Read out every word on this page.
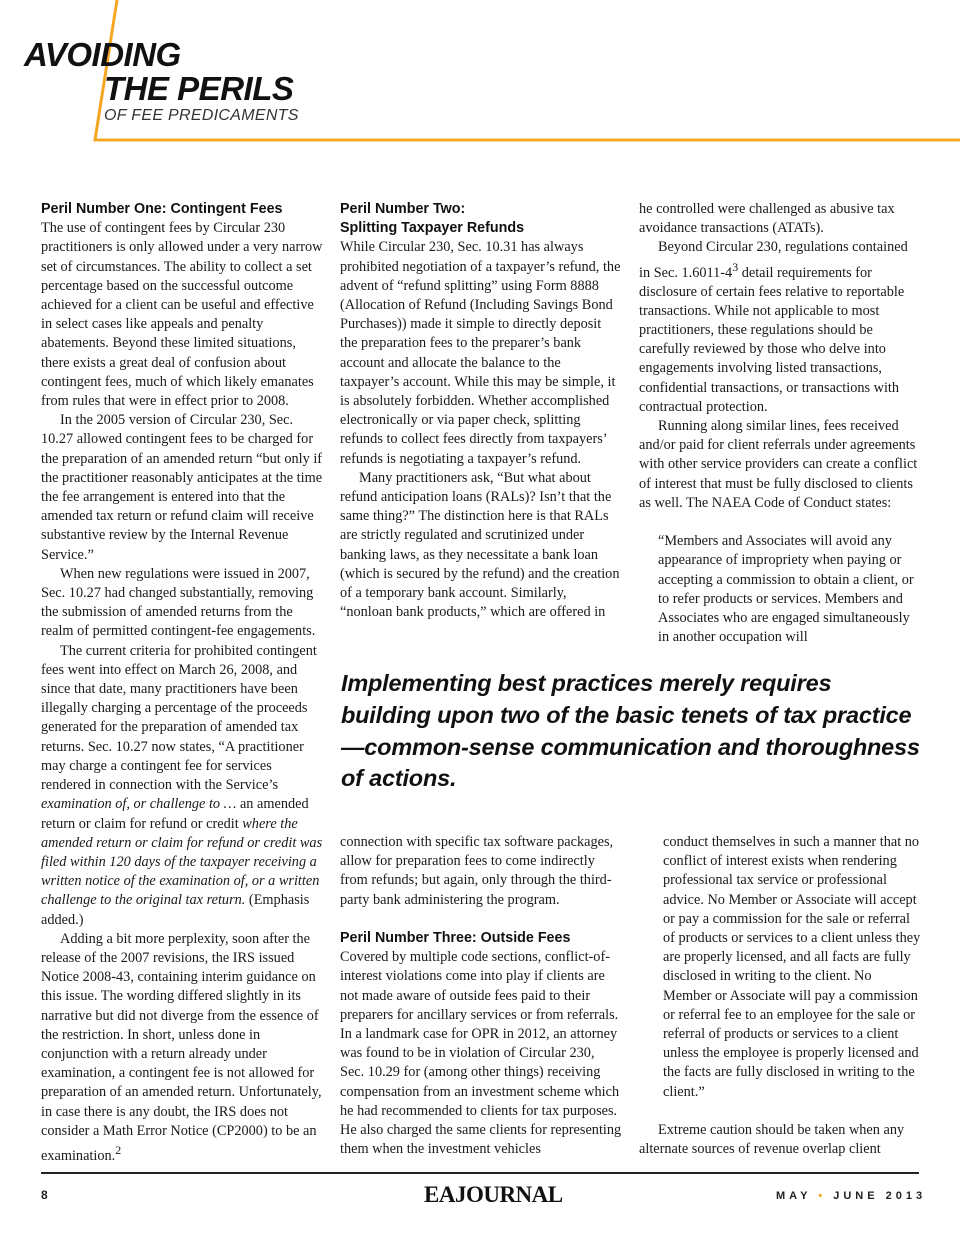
AVOIDING
THE PERILS

OF FEE PREDICAMENTS

Peril Number One: Contingent Fees

The use of contingent fees by Circular 230 practitioners is only allowed under a very narrow set of circumstances. The ability to collect a set percentage based on the successful outcome achieved for a client can be useful and effective in select cases like appeals and penalty abatements. Beyond these limited situations, there exists a great deal of confusion about contingent fees, much of which likely emanates from rules that were in effect prior to 2008.

In the 2005 version of Circular 230, Sec. 10.27 allowed contingent fees to be charged for the preparation of an amended return “but only if the practitioner reasonably anticipates at the time the fee arrangement is entered into that the amended tax return or refund claim will receive substantive review by the Internal Revenue Service.”

When new regulations were issued in 2007, Sec. 10.27 had changed substantially, removing the submission of amended returns from the realm of permitted contingent-fee engagements.

The current criteria for prohibited contingent fees went into effect on March 26, 2008, and since that date, many practitioners have been illegally charging a percentage of the proceeds generated for the preparation of amended tax returns. Sec. 10.27 now states, “A practitioner may charge a contingent fee for services rendered in connection with the Service’s examination of, or challenge to … an amended return or claim for refund or credit where the amended return or claim for refund or credit was filed within 120 days of the taxpayer receiving a written notice of the examination of, or a written challenge to the original tax return. (Emphasis added.)

Adding a bit more perplexity, soon after the release of the 2007 revisions, the IRS issued Notice 2008-43, containing interim guidance on this issue. The wording differed slightly in its narrative but did not diverge from the essence of the restriction. In short, unless done in conjunction with a return already under examination, a contingent fee is not allowed for preparation of an amended return. Unfortunately, in case there is any doubt, the IRS does not consider a Math Error Notice (CP2000) to be an examination.$^2$

Peril Number Two:
Splitting Taxpayer Refunds

While Circular 230, Sec. 10.31 has always prohibited negotiation of a taxpayer’s refund, the advent of “refund splitting” using Form 8888 (Allocation of Refund (Including Savings Bond Purchases)) made it simple to directly deposit the preparation fees to the preparer’s bank account and allocate the balance to the taxpayer’s account. While this may be simple, it is absolutely forbidden. Whether accomplished electronically or via paper check, splitting refunds to collect fees directly from taxpayers’ refunds is negotiating a taxpayer’s refund.

Many practitioners ask, “But what about refund anticipation loans (RALs)? Isn’t that the same thing?” The distinction here is that RALs are strictly regulated and scrutinized under banking laws, as they necessitate a bank loan (which is secured by the refund) and the creation of a temporary bank account. Similarly, “nonloan bank products,” which are offered in

he controlled were challenged as abusive tax avoidance transactions (ATATs).

Beyond Circular 230, regulations contained in Sec. $1.6011-4^3$ detail requirements for disclosure of certain fees relative to reportable transactions. While not applicable to most practitioners, these regulations should be carefully reviewed by those who delve into engagements involving listed transactions, confidential transactions, or transactions with contractual protection.

Running along similar lines, fees received and/or paid for client referrals under agreements with other service providers can create a conflict of interest that must be fully disclosed to clients as well. The NAEA Code of Conduct states:

“Members and Associates will avoid any appearance of impropriety when paying or accepting a commission to obtain a client, or to refer products or services. Members and Associates who are engaged simultaneously in another occupation will

Implementing best practices merely requires building upon two of the basic tenets of tax practice—common-sense communication and thoroughness of actions.

connection with specific tax software packages, allow for preparation fees to come indirectly from refunds; but again, only through the third-party bank administering the program.

Peril Number Three: Outside Fees

Covered by multiple code sections, conflict-of-interest violations come into play if clients are not made aware of outside fees paid to their preparers for ancillary services or from referrals. In a landmark case for OPR in 2012, an attorney was found to be in violation of Circular 230, Sec. 10.29 for (among other things) receiving compensation from an investment scheme which he had recommended to clients for tax purposes. He also charged the same clients for representing them when the investment vehicles

conduct themselves in such a manner that no conflict of interest exists when rendering professional tax service or professional advice. No Member or Associate will accept or pay a commission for the sale or referral of products or services to a client unless they are properly licensed, and all facts are fully disclosed in writing to the client. No Member or Associate will pay a commission or referral fee to an employee for the sale or referral of products or services to a client unless the employee is properly licensed and the facts are fully disclosed in writing to the client.”

Extreme caution should be taken when any alternate sources of revenue overlap client

8	EAJOURNAL	MAY • JUNE 2013
